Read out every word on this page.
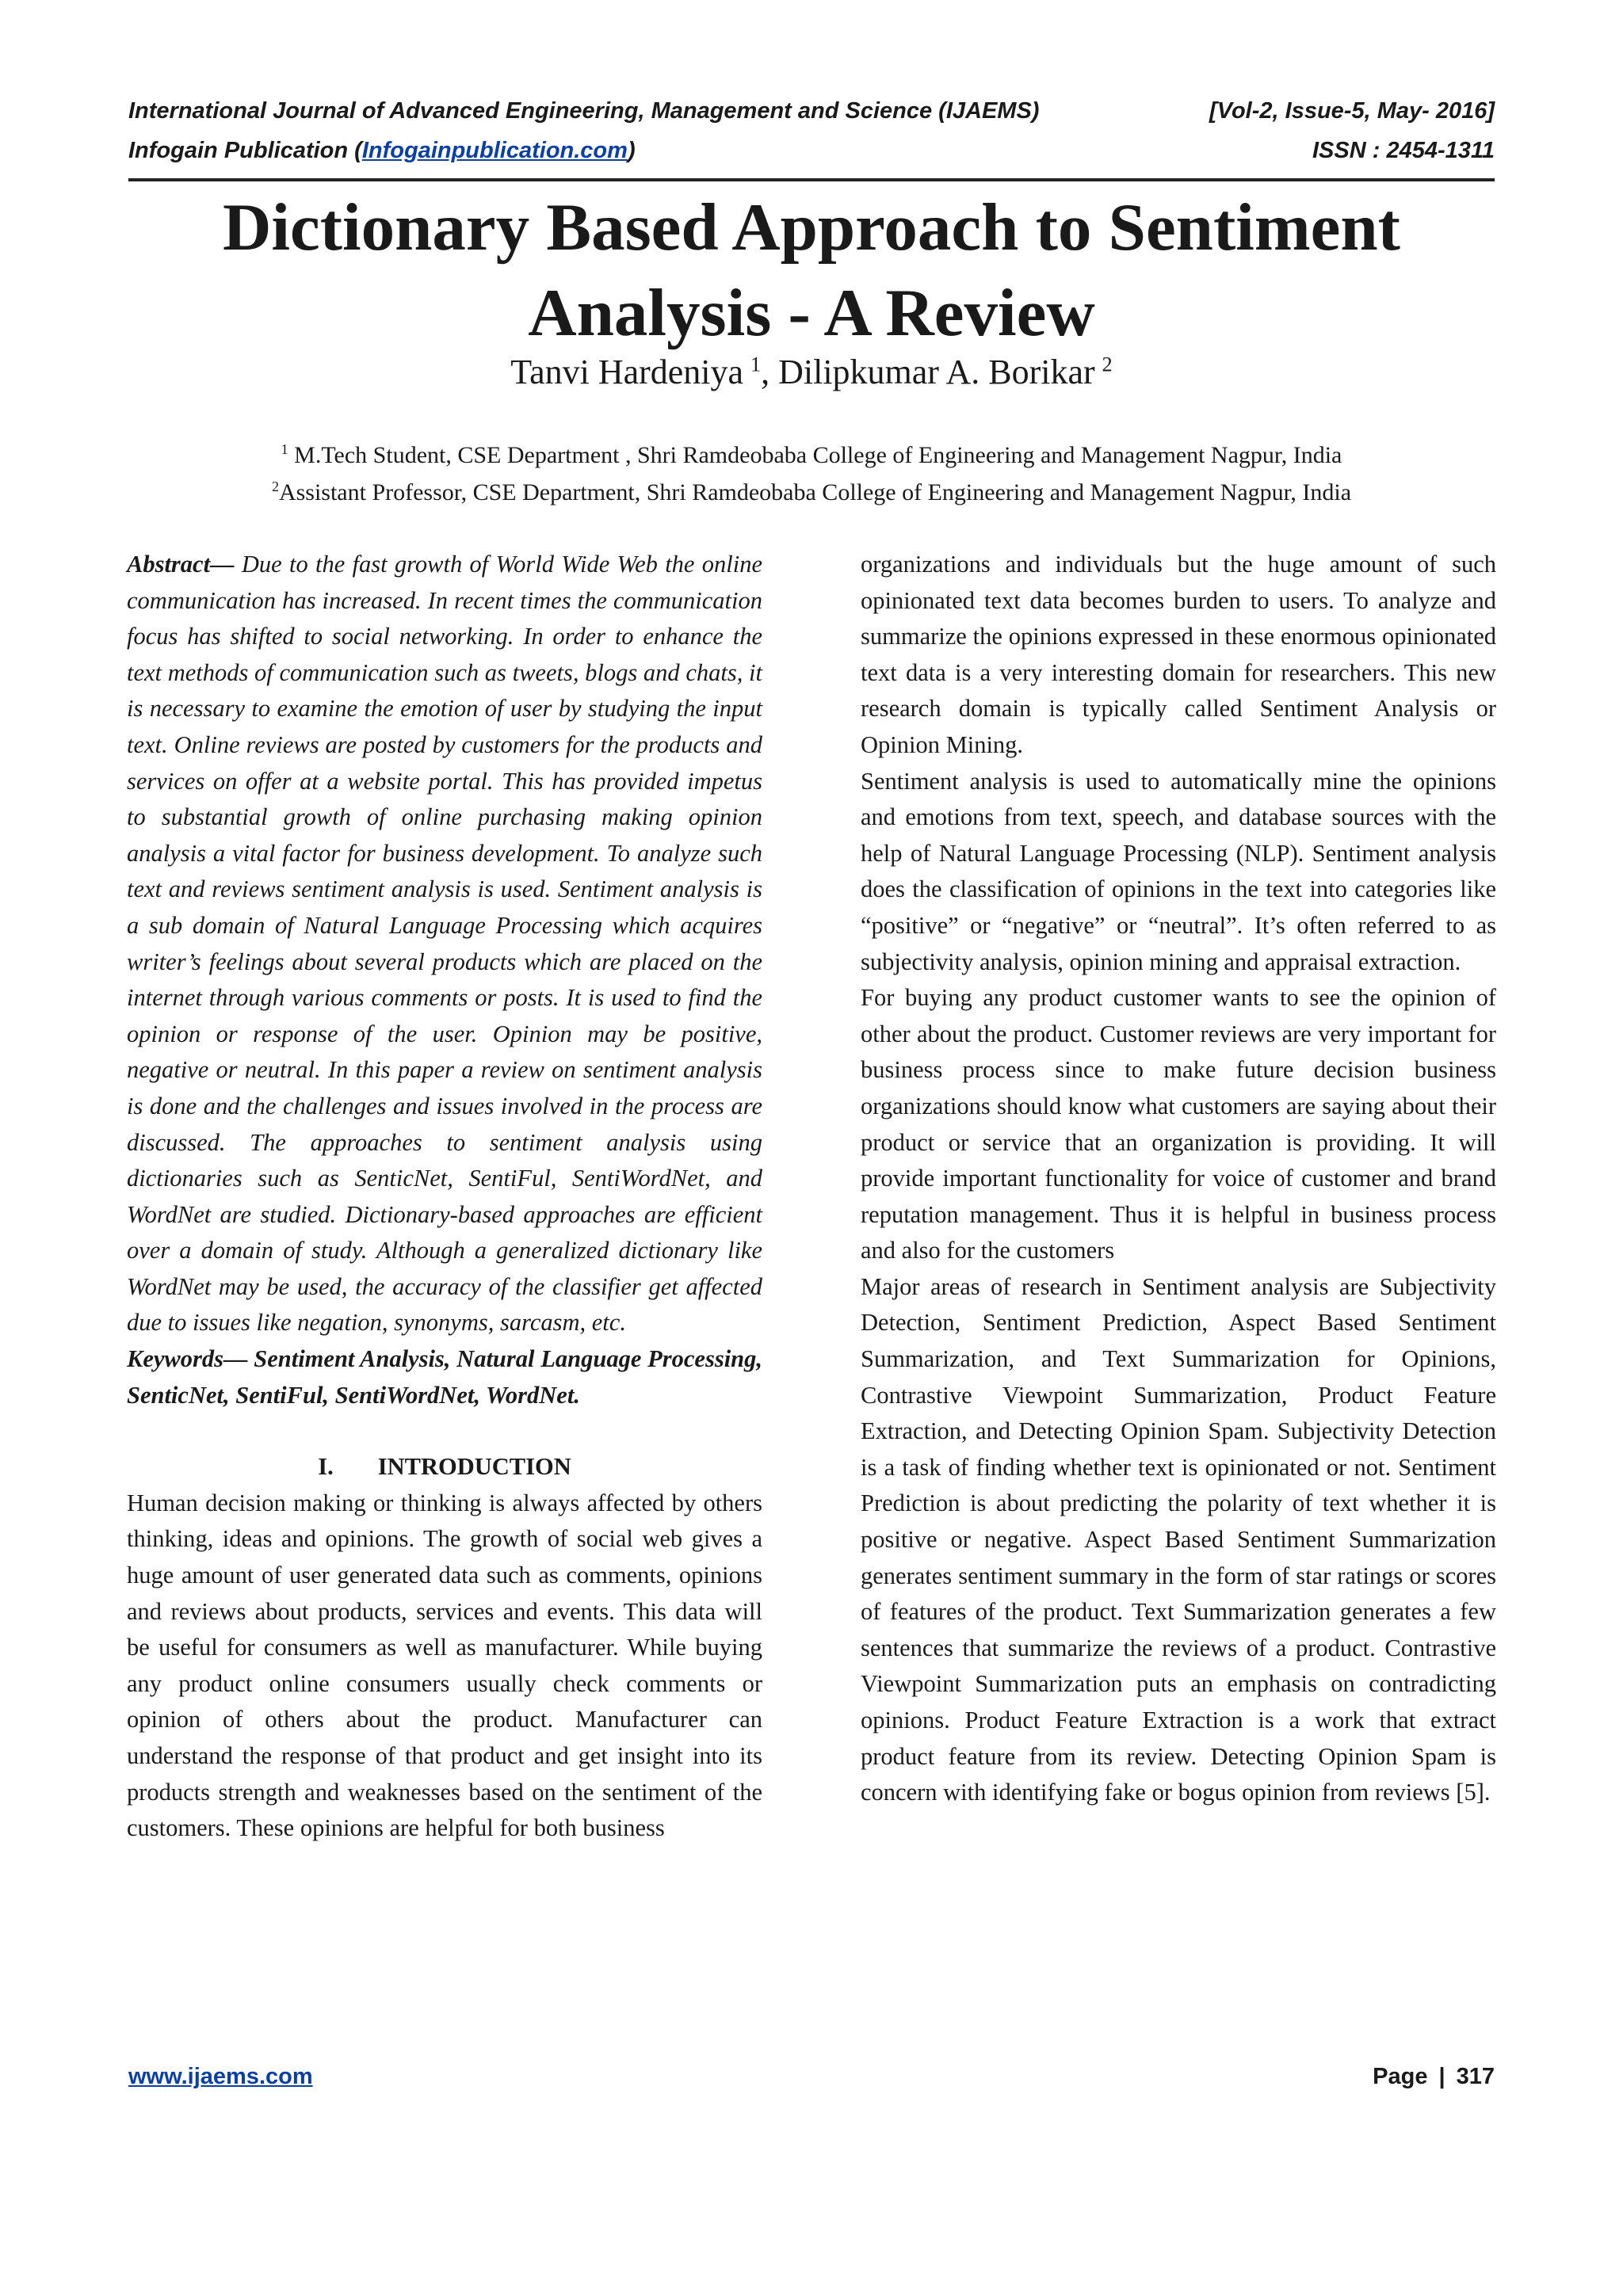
International Journal of Advanced Engineering, Management and Science (IJAEMS)	[Vol-2, Issue-5, May- 2016]
Infogain Publication (Infogainpublication.com)	ISSN : 2454-1311
Dictionary Based Approach to Sentiment
Analysis - A Review
Tanvi Hardeniya  $^1$, Dilipkumar A. Borikar  $^2$
$^1$ M.Tech Student, CSE Department , Shri Ramdeobaba College of Engineering and Management Nagpur, India
$^2$Assistant Professor, CSE Department, Shri Ramdeobaba College of Engineering and Management Nagpur, India

Abstract— Due to the fast growth of World Wide Web the online communication has increased. In recent times the communication focus has shifted to social networking. In order to enhance the text methods of communication such as tweets, blogs and chats, it is necessary to examine the emotion of user by studying the input text. Online reviews are posted by customers for the products and services on offer at a website portal. This has provided impetus to substantial growth of online purchasing making opinion analysis a vital factor for business development. To analyze such text and reviews sentiment analysis is used. Sentiment analysis is a sub domain of Natural Language Processing which acquires writer’s feelings about several products which are placed on the internet through various comments or posts. It is used to find the opinion or response of the user. Opinion may be positive, negative or neutral. In this paper a review on sentiment analysis is done and the challenges and issues involved in the process are discussed. The approaches to sentiment analysis using dictionaries such as SenticNet, SentiFul, SentiWordNet, and WordNet are studied. Dictionary-based approaches are efficient over a domain of study. Although a generalized dictionary like WordNet may be used, the accuracy of the classifier get affected due to issues like negation, synonyms, sarcasm, etc.

Keywords— Sentiment Analysis, Natural Language Processing, SenticNet, SentiFul, SentiWordNet, WordNet.

I. INTRODUCTION

Human decision making or thinking is always affected by others thinking, ideas and opinions. The growth of social web gives a huge amount of user generated data such as comments, opinions and reviews about products, services and events. This data will be useful for consumers as well as manufacturer. While buying any product online consumers usually check comments or opinion of others about the product. Manufacturer can understand the response of that product and get insight into its products strength and weaknesses based on the sentiment of the customers. These opinions are helpful for both business

organizations and individuals but the huge amount of such opinionated text data becomes burden to users. To analyze and summarize the opinions expressed in these enormous opinionated text data is a very interesting domain for researchers. This new research domain is typically called Sentiment Analysis or Opinion Mining.

Sentiment analysis is used to automatically mine the opinions and emotions from text, speech, and database sources with the help of Natural Language Processing (NLP). Sentiment analysis does the classification of opinions in the text into categories like “positive” or “negative” or “neutral”. It’s often referred to as subjectivity analysis, opinion mining and appraisal extraction.

For buying any product customer wants to see the opinion of other about the product. Customer reviews are very important for business process since to make future decision business organizations should know what customers are saying about their product or service that an organization is providing. It will provide important functionality for voice of customer and brand reputation management. Thus it is helpful in business process and also for the customers

Major areas of research in Sentiment analysis are Subjectivity Detection, Sentiment Prediction, Aspect Based Sentiment Summarization, and Text Summarization for Opinions, Contrastive Viewpoint Summarization, Product Feature Extraction, and Detecting Opinion Spam. Subjectivity Detection is a task of finding whether text is opinionated or not. Sentiment Prediction is about predicting the polarity of text whether it is positive or negative. Aspect Based Sentiment Summarization generates sentiment summary in the form of star ratings or scores of features of the product. Text Summarization generates a few sentences that summarize the reviews of a product. Contrastive Viewpoint Summarization puts an emphasis on contradicting opinions. Product Feature Extraction is a work that extract product feature from its review. Detecting Opinion Spam is concern with identifying fake or bogus opinion from reviews [5].

www.ijaems.com	Page | 317
